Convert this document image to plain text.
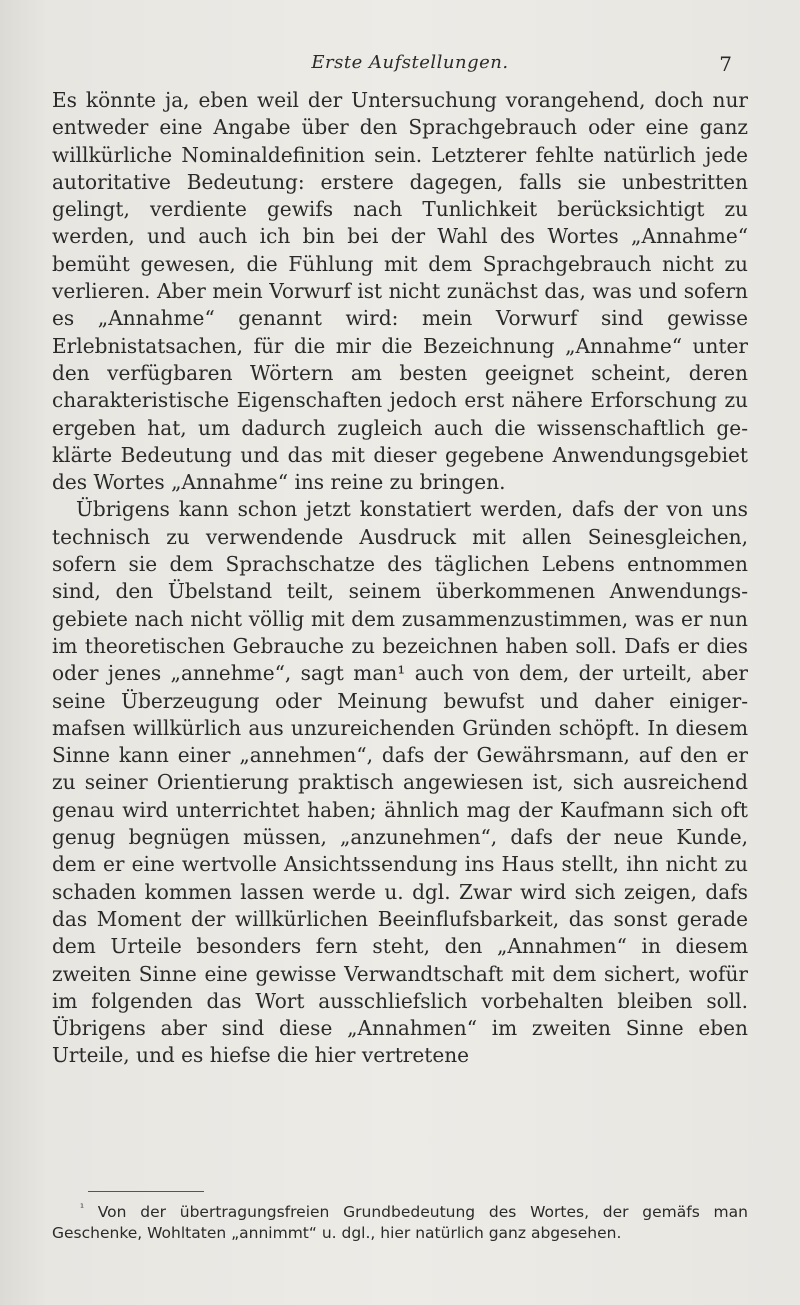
Erste Aufstellungen.	7

Es könnte ja, eben weil der Untersuchung vorangehend, doch nur entweder eine Angabe über den Sprachgebrauch oder eine ganz willkürliche Nominaldefinition sein. Letzterer fehlte natürlich jede autoritative Bedeutung: erstere dagegen, falls sie unbestritten gelingt, verdiente gewifs nach Tunlichkeit berücksichtigt zu werden, und auch ich bin bei der Wahl des Wortes „Annahme“ bemüht gewesen, die Fühlung mit dem Sprachgebrauch nicht zu verlieren. Aber mein Vorwurf ist nicht zunächst das, was und sofern es „Annahme“ genannt wird: mein Vorwurf sind gewisse Erlebnistatsachen, für die mir die Bezeichnung „Annahme“ unter den verfügbaren Wörtern am besten geeignet scheint, deren charakteristische Eigenschaften jedoch erst nähere Erforschung zu ergeben hat, um dadurch zugleich auch die wissenschaftlich geklärte Bedeutung und das mit dieser gegebene Anwendungsgebiet des Wortes „Annahme“ ins reine zu bringen.

Übrigens kann schon jetzt konstatiert werden, dafs der von uns technisch zu verwendende Ausdruck mit allen Seinesgleichen, sofern sie dem Sprachschatze des täglichen Lebens entnommen sind, den Übelstand teilt, seinem überkommenen Anwendungsgebiete nach nicht völlig mit dem zusammenzustimmen, was er nun im theoretischen Gebrauche zu bezeichnen haben soll. Dafs er dies oder jenes „annehme“, sagt man¹ auch von dem, der urteilt, aber seine Überzeugung oder Meinung bewufst und daher einigermafsen willkürlich aus unzureichenden Gründen schöpft. In diesem Sinne kann einer „annehmen“, dafs der Gewährsmann, auf den er zu seiner Orientierung praktisch angewiesen ist, sich ausreichend genau wird unterrichtet haben; ähnlich mag der Kaufmann sich oft genug begnügen müssen, „anzunehmen“, dafs der neue Kunde, dem er eine wertvolle Ansichtssendung ins Haus stellt, ihn nicht zu schaden kommen lassen werde u. dgl. Zwar wird sich zeigen, dafs das Moment der willkürlichen Beeinflufsbarkeit, das sonst gerade dem Urteile besonders fern steht, den „Annahmen“ in diesem zweiten Sinne eine gewisse Verwandtschaft mit dem sichert, wofür im folgenden das Wort ausschliefslich vorbehalten bleiben soll. Übrigens aber sind diese „Annahmen“ im zweiten Sinne eben Urteile, und es hiefse die hier vertretene

$^{^1}$ Von der übertragungsfreien Grundbedeutung des Wortes, der gemäfs man Geschenke, Wohltaten „annimmt“ u. dgl., hier natürlich ganz abgesehen.
